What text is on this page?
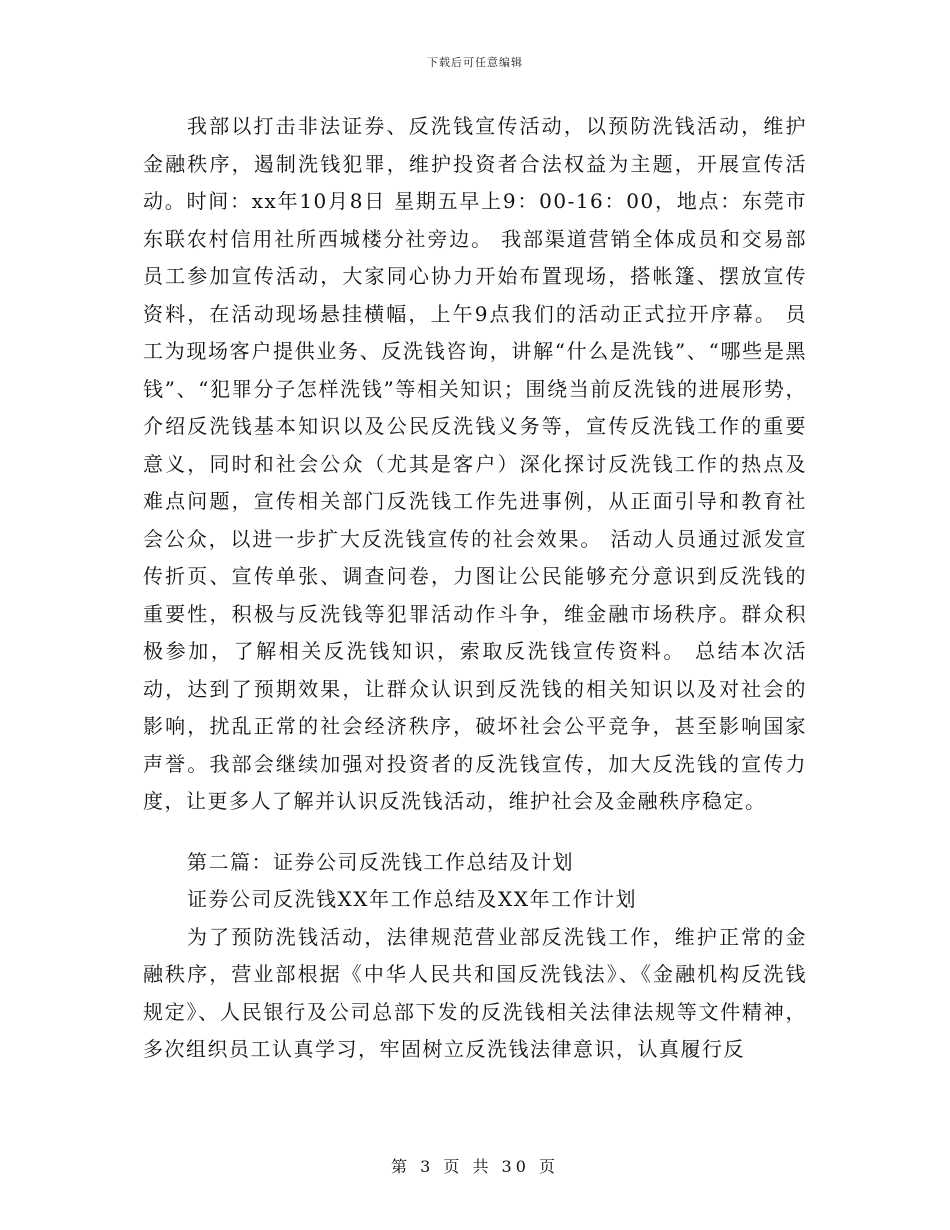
下载后可任意编辑

我部以打击非法证券、反洗钱宣传活动，以预防洗钱活动，维护金融秩序，遏制洗钱犯罪，维护投资者合法权益为主题，开展宣传活动。时间：xx年10月8日 星期五早上9：00-16：00，地点：东莞市东联农村信用社所西城楼分社旁边。 我部渠道营销全体成员和交易部员工参加宣传活动，大家同心协力开始布置现场，搭帐篷、摆放宣传资料，在活动现场悬挂横幅，上午9点我们的活动正式拉开序幕。 员工为现场客户提供业务、反洗钱咨询，讲解“什么是洗钱”、“哪些是黑钱”、“犯罪分子怎样洗钱”等相关知识；围绕当前反洗钱的进展形势，介绍反洗钱基本知识以及公民反洗钱义务等，宣传反洗钱工作的重要意义，同时和社会公众（尤其是客户）深化探讨反洗钱工作的热点及难点问题，宣传相关部门反洗钱工作先进事例，从正面引导和教育社会公众，以进一步扩大反洗钱宣传的社会效果。 活动人员通过派发宣传折页、宣传单张、调查问卷，力图让公民能够充分意识到反洗钱的重要性，积极与反洗钱等犯罪活动作斗争，维金融市场秩序。群众积极参加，了解相关反洗钱知识，索取反洗钱宣传资料。 总结本次活动，达到了预期效果，让群众认识到反洗钱的相关知识以及对社会的影响，扰乱正常的社会经济秩序，破坏社会公平竞争，甚至影响国家声誉。我部会继续加强对投资者的反洗钱宣传，加大反洗钱的宣传力度，让更多人了解并认识反洗钱活动，维护社会及金融秩序稳定。

第二篇：证券公司反洗钱工作总结及计划

证券公司反洗钱XX年工作总结及XX年工作计划

为了预防洗钱活动，法律规范营业部反洗钱工作，维护正常的金融秩序，营业部根据《中华人民共和国反洗钱法》、《金融机构反洗钱规定》、人民银行及公司总部下发的反洗钱相关法律法规等文件精神，多次组织员工认真学习，牢固树立反洗钱法律意识，认真履行反

第 3 页 共 30 页
